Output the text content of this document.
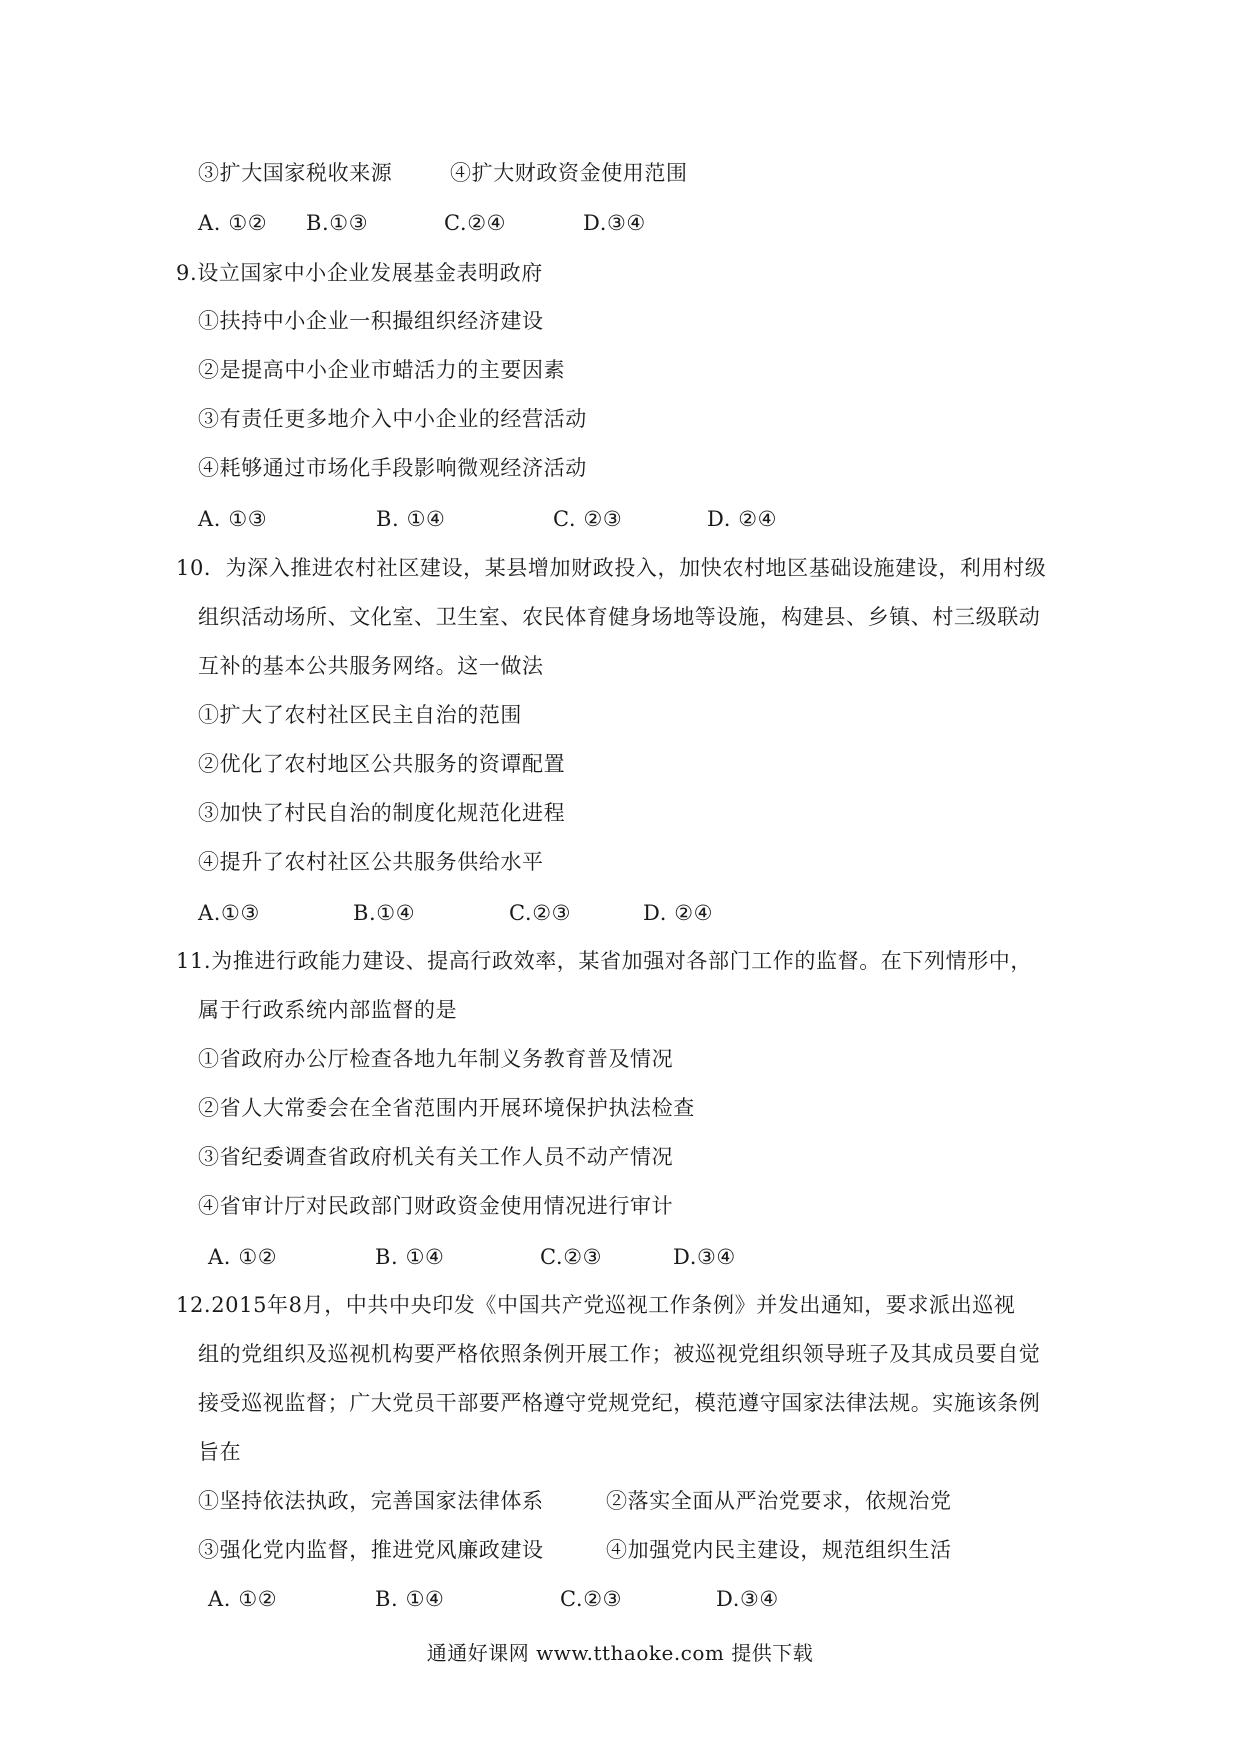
③扩大国家税收来源	④扩大财政资金使用范围
A. ①② B.①③	C.②④	D.③④
9.设立国家中小企业发展基金表明政府
①扶持中小企业一积撮组织经济建设
②是提高中小企业市蜡活力的主要因素
③有责任更多地介入中小企业的经营活动
④耗够通过市场化手段影响微观经济活动
A. ①③	B. ①④	C. ②③	D. ②④
10．为深入推进农村社区建设，某县增加财政投入，加快农村地区基础设施建设，利用村级
组织活动场所、文化室、卫生室、农民体育健身场地等设施，构建县、乡镇、村三级联动
互补的基本公共服务网络。这一做法
①扩大了农村社区民主自治的范围
②优化了农村地区公共服务的资谭配置
③加快了村民自治的制度化规范化进程
④提升了农村社区公共服务供给水平
A.①③	B.①④	C.②③	D. ②④
11.为推进行政能力建设、提高行政效率，某省加强对各部门工作的监督。在下列情形中，
属于行政系统内部监督的是
①省政府办公厅检查各地九年制义务教育普及情况
②省人大常委会在全省范围内开展环境保护执法检查
③省纪委调查省政府机关有关工作人员不动产情况
④省审计厅对民政部门财政资金使用情况进行审计
A. ①②	B. ①④	C.②③	D.③④
12.2015年8月，中共中央印发《中国共产党巡视工作条例》并发出通知，要求派出巡视
组的党组织及巡视机构要严格依照条例开展工作；被巡视党组织领导班子及其成员要自觉
接受巡视监督；广大党员干部要严格遵守党规党纪，模范遵守国家法律法规。实施该条例
旨在
①坚持依法执政，完善国家法律体系	②落实全面从严治党要求，依规治党
③强化党内监督，推进党风廉政建设	④加强党内民主建设，规范组织生活
A. ①②	B. ①④	C.②③	D.③④
通通好课网 www.tthaoke.com 提供下载
